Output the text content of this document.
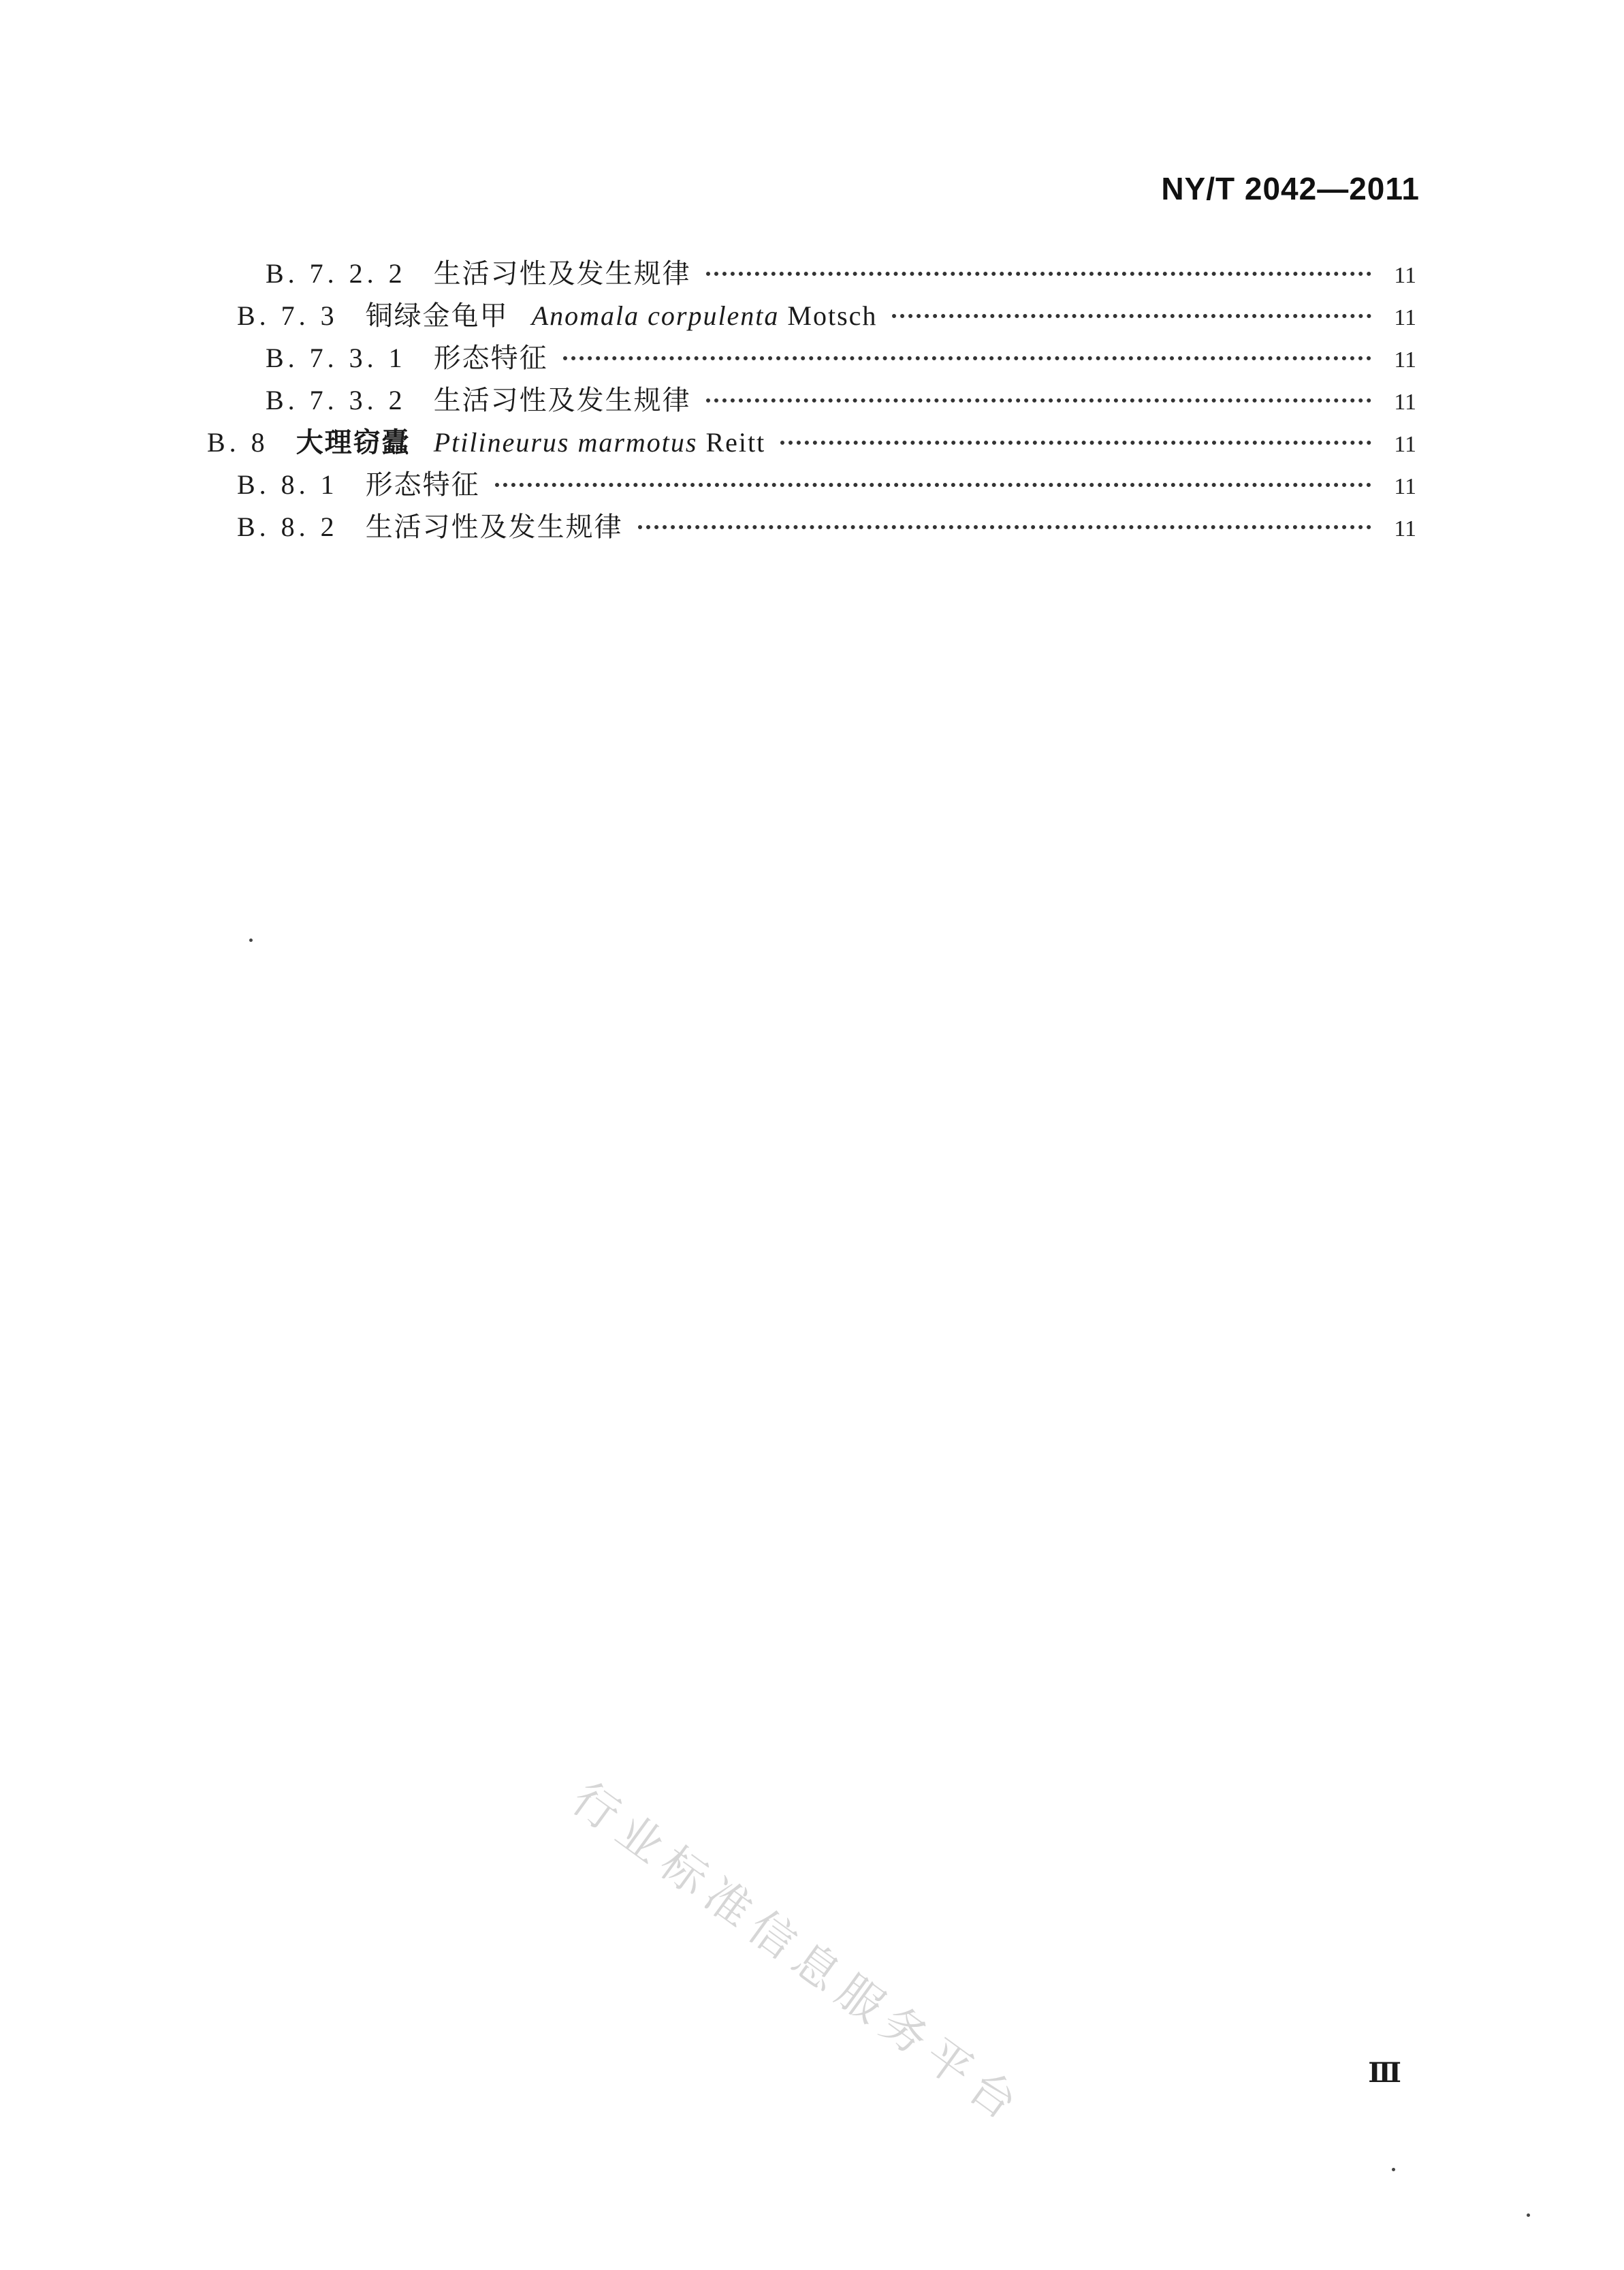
NY/T 2042—2011
B. 7. 2. 2 生活习性及发生规律	11
B. 7. 3 铜绿金龟甲 Anomala corpulenta Motsch	11
B. 7. 3. 1 形态特征	11
B. 7. 3. 2 生活习性及发生规律	11
B. 8 大理窃蠹 Ptilineurus marmotus Reitt	11
B. 8. 1 形态特征	11
B. 8. 2 生活习性及发生规律	11
行业标准信息服务平台	Ⅲ
